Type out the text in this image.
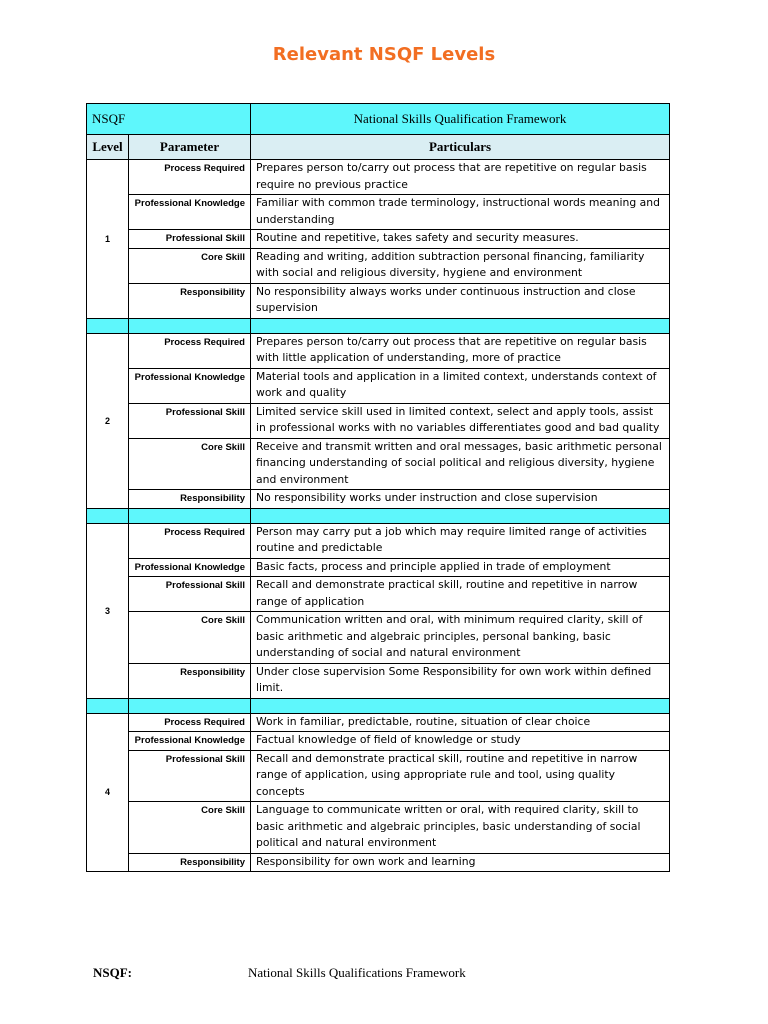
Relevant NSQF Levels
NSQF		National Skills Qualification Framework
Level	Parameter	Particulars
1	Process Required	Prepares person to/carry out process that are repetitive on regular basis require no previous practice
	Professional Knowledge	Familiar with common trade terminology, instructional words meaning and understanding
	Professional Skill	Routine and repetitive, takes safety and security measures.
	Core Skill	Reading and writing, addition subtraction personal financing, familiarity with social and religious diversity, hygiene and environment
	Responsibility	No responsibility always works under continuous instruction and close supervision

2	Process Required	Prepares person to/carry out process that are repetitive on regular basis with little application of understanding, more of practice
	Professional Knowledge	Material tools and application in a limited context, understands context of work and quality
	Professional Skill	Limited service skill used in limited context, select and apply tools, assist in professional works with no variables differentiates good and bad quality
	Core Skill	Receive and transmit written and oral messages, basic arithmetic personal financing understanding of social political and religious diversity, hygiene and environment
	Responsibility	No responsibility works under instruction and close supervision

3	Process Required	Person may carry put a job which may require limited range of activities routine and predictable
	Professional Knowledge	Basic facts, process and principle applied in trade of employment
	Professional Skill	Recall and demonstrate practical skill, routine and repetitive in narrow range of application
	Core Skill	Communication written and oral, with minimum required clarity, skill of basic arithmetic and algebraic principles, personal banking, basic understanding of social and natural environment
	Responsibility	Under close supervision Some Responsibility for own work within defined limit.

4	Process Required	Work in familiar, predictable, routine, situation of clear choice
	Professional Knowledge	Factual knowledge of field of knowledge or study
	Professional Skill	Recall and demonstrate practical skill, routine and repetitive in narrow range of application, using appropriate rule and tool, using quality concepts
	Core Skill	Language to communicate written or oral, with required clarity, skill to basic arithmetic and algebraic principles, basic understanding of social political and natural environment
	Responsibility	Responsibility for own work and learning
NSQF:	National Skills Qualifications Framework
